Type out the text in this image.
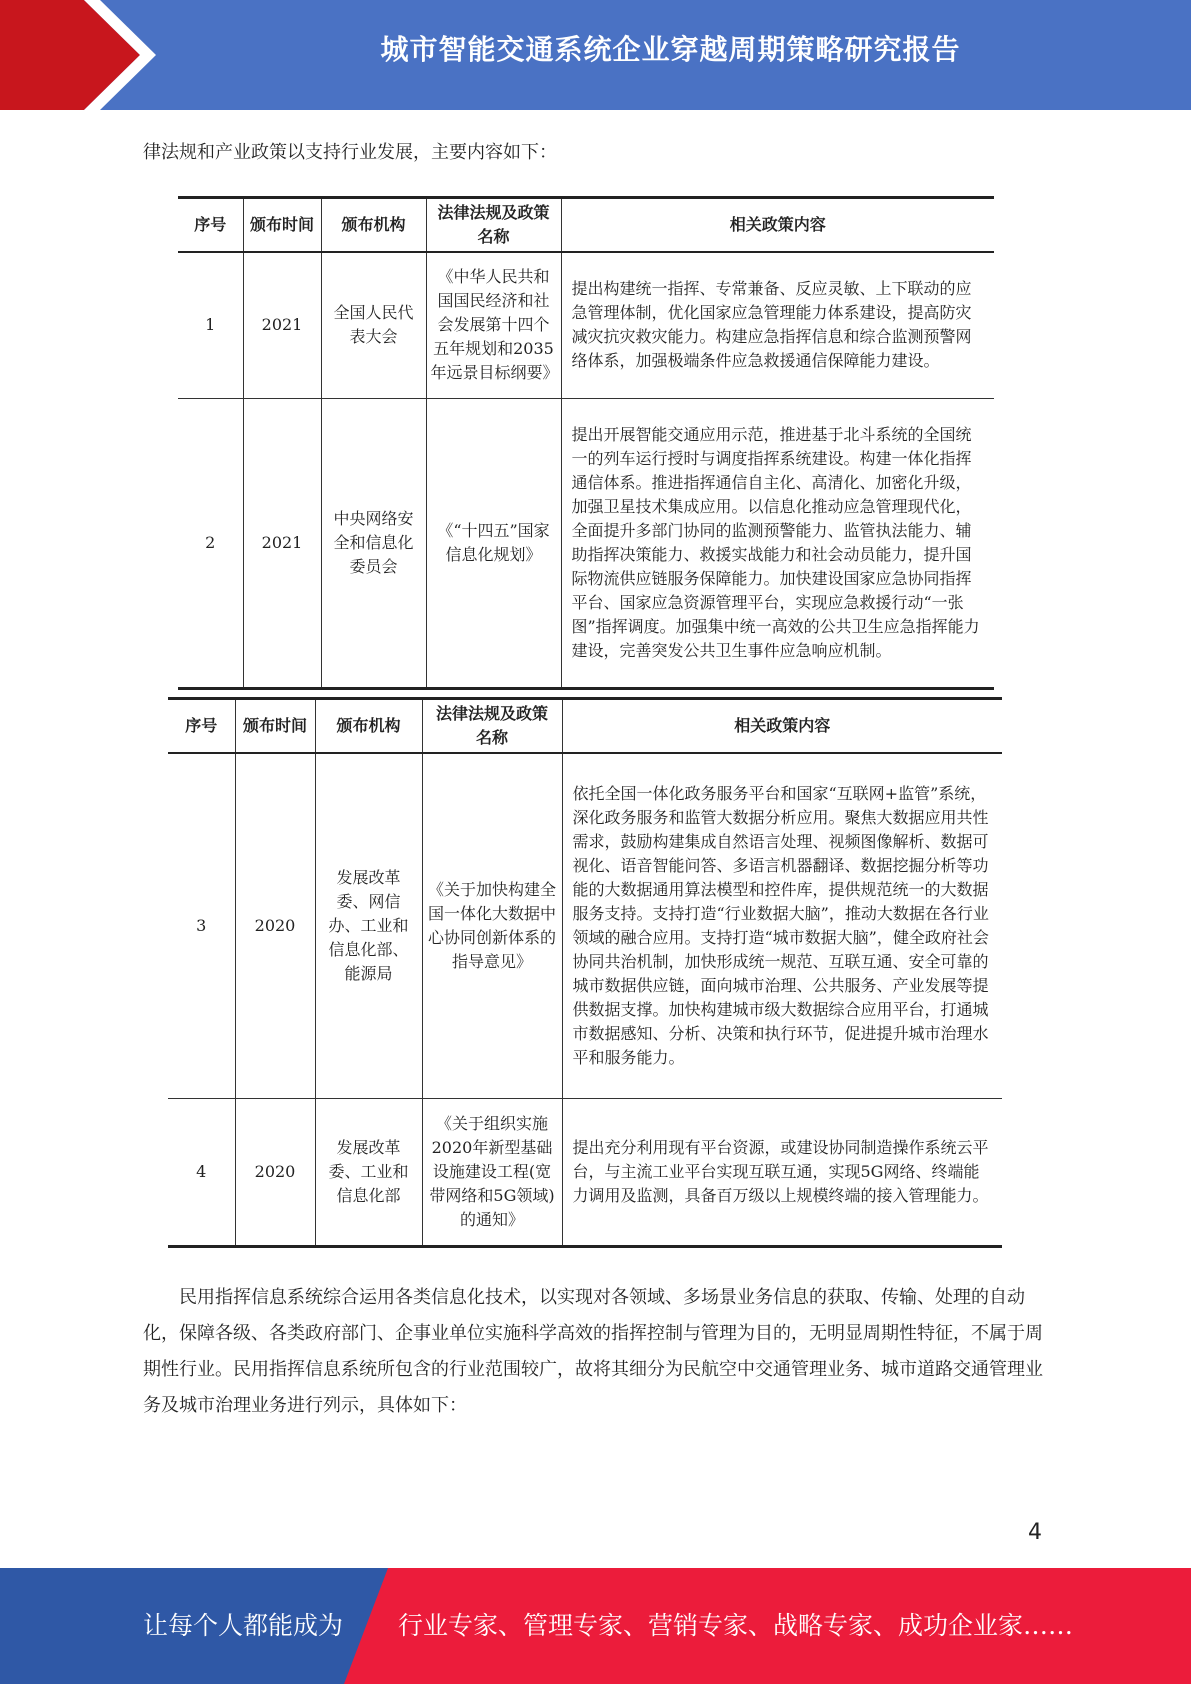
城市智能交通系统企业穿越周期策略研究报告

律法规和产业政策以支持行业发展，主要内容如下：

序号	颁布时间	颁布机构	法律法规及政策名称	相关政策内容
1	2021	全国人民代表大会	《中华人民共和国国民经济和社会发展第十四个五年规划和2035年远景目标纲要》	提出构建统一指挥、专常兼备、反应灵敏、上下联动的应急管理体制，优化国家应急管理能力体系建设，提高防灾减灾抗灾救灾能力。构建应急指挥信息和综合监测预警网络体系，加强极端条件应急救援通信保障能力建设。
2	2021	中央网络安全和信息化委员会	《“十四五”国家信息化规划》	提出开展智能交通应用示范，推进基于北斗系统的全国统一的列车运行授时与调度指挥系统建设。构建一体化指挥通信体系。推进指挥通信自主化、高清化、加密化升级，加强卫星技术集成应用。以信息化推动应急管理现代化，全面提升多部门协同的监测预警能力、监管执法能力、辅助指挥决策能力、救援实战能力和社会动员能力，提升国际物流供应链服务保障能力。加快建设国家应急协同指挥平台、国家应急资源管理平台，实现应急救援行动“一张图”指挥调度。加强集中统一高效的公共卫生应急指挥能力建设，完善突发公共卫生事件应急响应机制。
序号	颁布时间	颁布机构	法律法规及政策名称	相关政策内容
3	2020	发展改革委、网信办、工业和信息化部、能源局	《关于加快构建全国一体化大数据中心协同创新体系的指导意见》	依托全国一体化政务服务平台和国家“互联网+监管”系统，深化政务服务和监管大数据分析应用。聚焦大数据应用共性需求，鼓励构建集成自然语言处理、视频图像解析、数据可视化、语音智能问答、多语言机器翻译、数据挖掘分析等功能的大数据通用算法模型和控件库，提供规范统一的大数据服务支持。支持打造“行业数据大脑”，推动大数据在各行业领域的融合应用。支持打造“城市数据大脑”，健全政府社会协同共治机制，加快形成统一规范、互联互通、安全可靠的城市数据供应链，面向城市治理、公共服务、产业发展等提供数据支撑。加快构建城市级大数据综合应用平台，打通城市数据感知、分析、决策和执行环节，促进提升城市治理水平和服务能力。
4	2020	发展改革委、工业和信息化部	《关于组织实施2020年新型基础设施建设工程(宽带网络和5G领域)的通知》	提出充分利用现有平台资源，或建设协同制造操作系统云平台，与主流工业平台实现互联互通，实现5G网络、终端能力调用及监测，具备百万级以上规模终端的接入管理能力。

民用指挥信息系统综合运用各类信息化技术，以实现对各领域、多场景业务信息的获取、传输、处理的自动化，保障各级、各类政府部门、企事业单位实施科学高效的指挥控制与管理为目的，无明显周期性特征，不属于周期性行业。民用指挥信息系统所包含的行业范围较广，故将其细分为民航空中交通管理业务、城市道路交通管理业务及城市治理业务进行列示，具体如下：

4
让每个人都能成为 行业专家、管理专家、营销专家、战略专家、成功企业家……
